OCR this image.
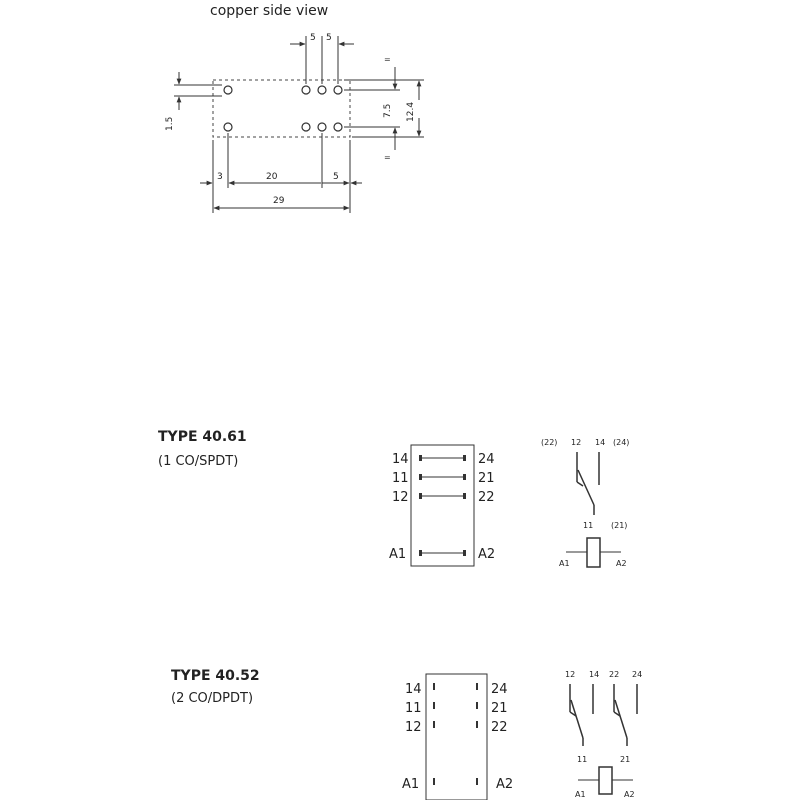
copper side view
5 5
1.5
=
=
7.5 12.4
3	20	5
29
TYPE 40.61
(1 CO/SPDT)	14	24
11	21
12	22
A1	A2
(22) 12 14 (24)
11 (21)
A1	A2
TYPE 40.52
(2 CO/DPDT)
14	24
11	21
12	22
A1	A2
12 14 22 24
11	21
A1	A2
